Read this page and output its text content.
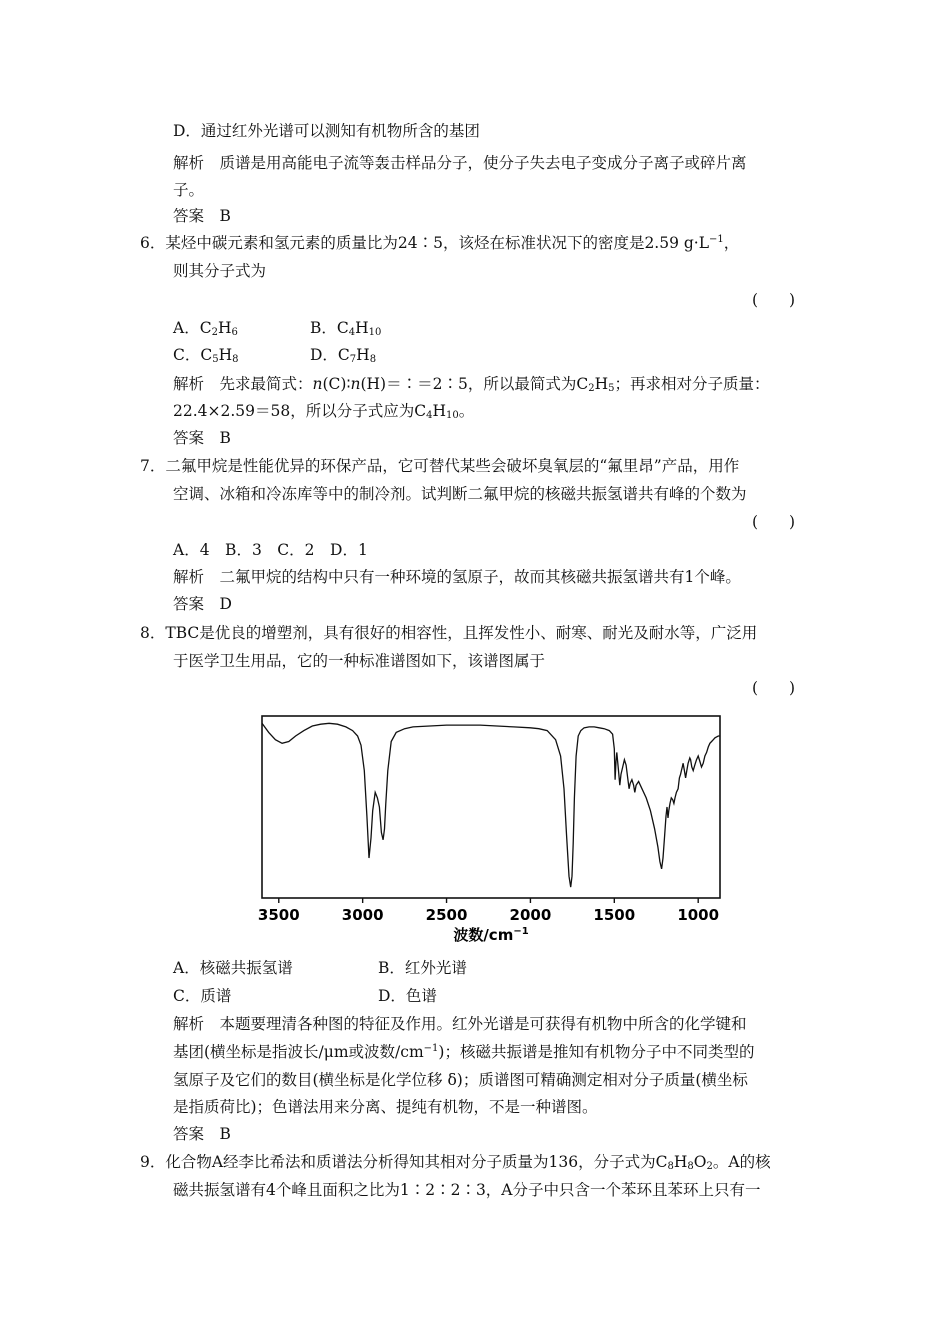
D．通过红外光谱可以测知有机物所含的基团
解析　质谱是用高能电子流等轰击样品分子，使分子失去电子变成分子离子或碎片离
子。
答案　B
6．某烃中碳元素和氢元素的质量比为24∶5，该烃在标准状况下的密度是2.59 $g\cdot L^{-1}$，
则其分子式为
(　　)
A．$C_2H_6$	B．$C_4H_{10}$
C．$C_5H_8$	D．$C_7H_8$
解析　先求最简式：n(C)∶n(H)＝∶＝2∶5，所以最简式为$C_2H_5$；再求相对分子质量：
22.4×2.59＝58，所以分子式应为$C_4H_{10}$。
答案　B
7．二氟甲烷是性能优异的环保产品，它可替代某些会破坏臭氧层的“氟里昂”产品，用作
空调、冰箱和冷冻库等中的制冷剂。试判断二氟甲烷的核磁共振氢谱共有峰的个数为
(　　)
A．4　B．3　C．2　D．1
解析　二氟甲烷的结构中只有一种环境的氢原子，故而其核磁共振氢谱共有1个峰。
答案　D
8．TBC是优良的增塑剂，具有很好的相容性，且挥发性小、耐寒、耐光及耐水等，广泛用
于医学卫生用品，它的一种标准谱图如下，该谱图属于
(　　)
3500	3000	2500	2000	1500	1000
波数$/cm^{-1}$
A．核磁共振氢谱	B．红外光谱
C．质谱	D．色谱
解析　本题要理清各种图的特征及作用。红外光谱是可获得有机物中所含的化学键和
基团(横坐标是指波长/μm或波数$/cm^{-1}$)；核磁共振谱是推知有机物分子中不同类型的
氢原子及它们的数目(横坐标是化学位移 δ)；质谱图可精确测定相对分子质量(横坐标
是指质荷比)；色谱法用来分离、提纯有机物，不是一种谱图。
答案　B
9．化合物A经李比希法和质谱法分析得知其相对分子质量为136，分子式为$C_8H_8O_2$。A的核
磁共振氢谱有4个峰且面积之比为1∶2∶2∶3，A分子中只含一个苯环且苯环上只有一
